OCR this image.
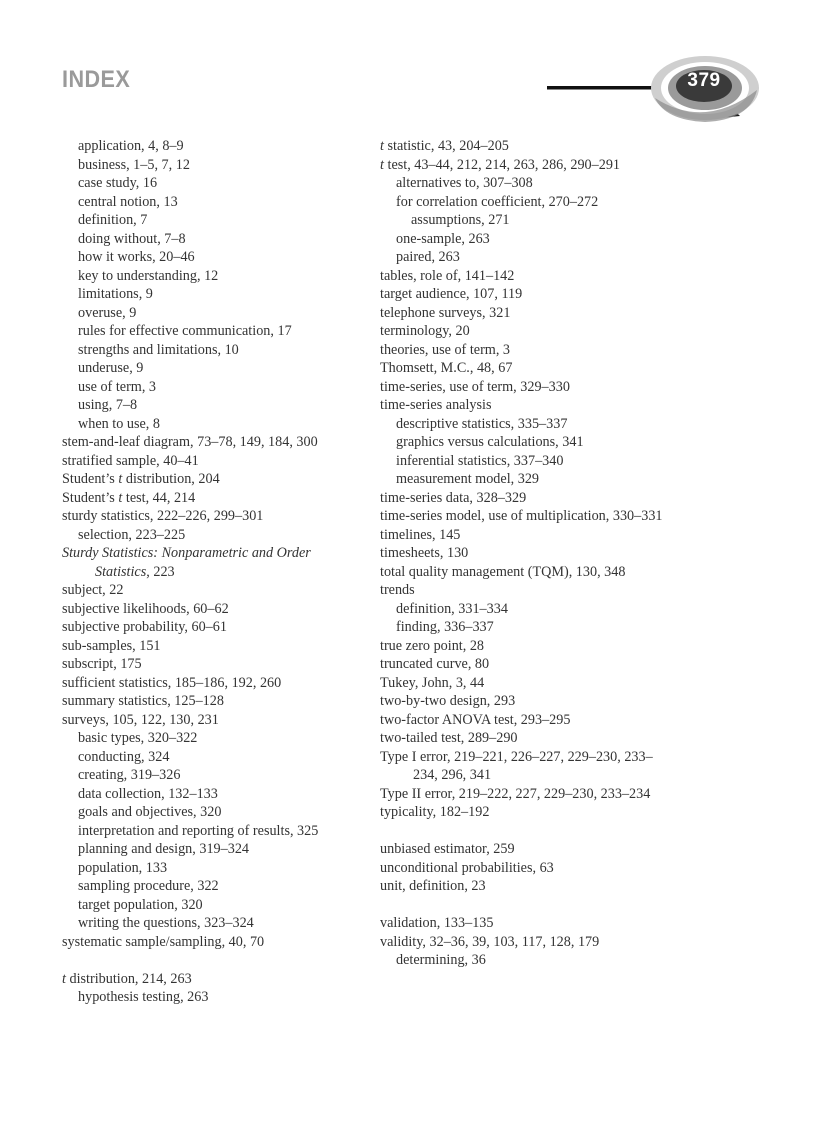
INDEX	379
application, 4, 8–9
business, 1–5, 7, 12
case study, 16
central notion, 13
definition, 7
doing without, 7–8
how it works, 20–46
key to understanding, 12
limitations, 9
overuse, 9
rules for effective communication, 17
strengths and limitations, 10
underuse, 9
use of term, 3
using, 7–8
when to use, 8
stem-and-leaf diagram, 73–78, 149, 184, 300
stratified sample, 40–41
Student’s t distribution, 204
Student’s t test, 44, 214
sturdy statistics, 222–226, 299–301
selection, 223–225
Sturdy Statistics: Nonparametric and Order Statistics, 223
subject, 22
subjective likelihoods, 60–62
subjective probability, 60–61
sub-samples, 151
subscript, 175
sufficient statistics, 185–186, 192, 260
summary statistics, 125–128
surveys, 105, 122, 130, 231
basic types, 320–322
conducting, 324
creating, 319–326
data collection, 132–133
goals and objectives, 320
interpretation and reporting of results, 325
planning and design, 319–324
population, 133
sampling procedure, 322
target population, 320
writing the questions, 323–324
systematic sample/sampling, 40, 70
t distribution, 214, 263
hypothesis testing, 263
t statistic, 43, 204–205
t test, 43–44, 212, 214, 263, 286, 290–291
alternatives to, 307–308
for correlation coefficient, 270–272
assumptions, 271
one-sample, 263
paired, 263
tables, role of, 141–142
target audience, 107, 119
telephone surveys, 321
terminology, 20
theories, use of term, 3
Thomsett, M.C., 48, 67
time-series, use of term, 329–330
time-series analysis
descriptive statistics, 335–337
graphics versus calculations, 341
inferential statistics, 337–340
measurement model, 329
time-series data, 328–329
time-series model, use of multiplication, 330–331
timelines, 145
timesheets, 130
total quality management (TQM), 130, 348
trends
definition, 331–334
finding, 336–337
true zero point, 28
truncated curve, 80
Tukey, John, 3, 44
two-by-two design, 293
two-factor ANOVA test, 293–295
two-tailed test, 289–290
Type I error, 219–221, 226–227, 229–230, 233–234, 296, 341
Type II error, 219–222, 227, 229–230, 233–234
typicality, 182–192
unbiased estimator, 259
unconditional probabilities, 63
unit, definition, 23
validation, 133–135
validity, 32–36, 39, 103, 117, 128, 179
determining, 36
